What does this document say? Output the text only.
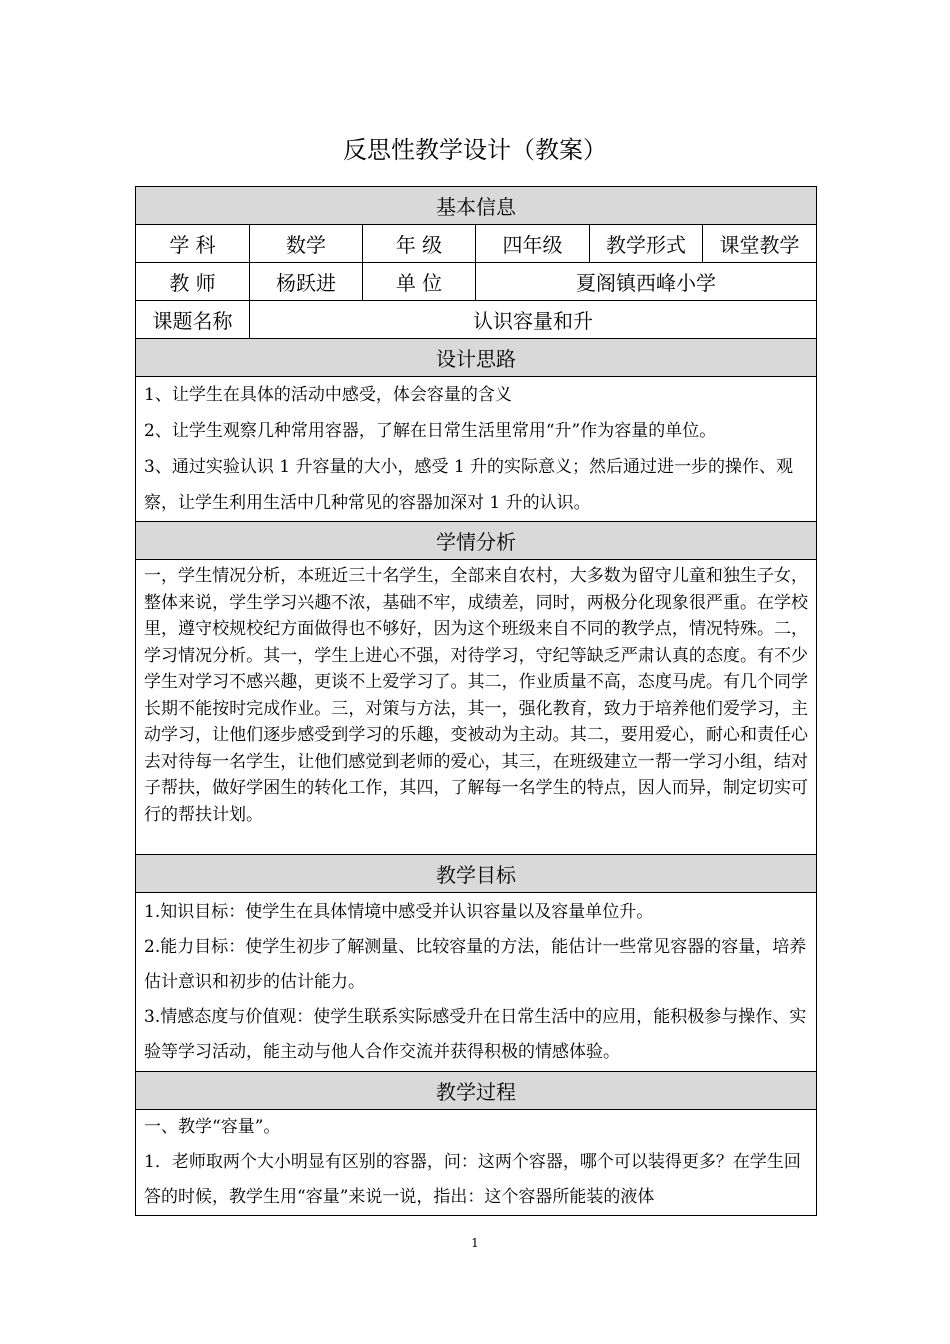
反思性教学设计（教案）
基本信息					
学 科	数学	年 级	四年级	教学形式	课堂教学
教 师	杨跃进	单 位	夏阁镇西峰小学		
课题名称	认识容量和升				
设计思路					

1、让学生在具体的活动中感受，体会容量的含义

2、让学生观察几种常用容器，了解在日常生活里常用“升”作为容量的单位。

3、通过实验认识 1 升容量的大小，感受 1 升的实际意义；然后通过进一步的操作、观察，让学生利用生活中几种常见的容器加深对 1 升的认识。					

学情分析					
一，学生情况分析，本班近三十名学生，全部来自农村，大多数为留守儿童和独生子女，整体来说，学生学习兴趣不浓，基础不牢，成绩差，同时，两极分化现象很严重。在学校里，遵守校规校纪方面做得也不够好，因为这个班级来自不同的教学点，情况特殊。二，学习情况分析。其一，学生上进心不强，对待学习，守纪等缺乏严肃认真的态度。有不少学生对学习不感兴趣，更谈不上爱学习了。其二，作业质量不高，态度马虎。有几个同学长期不能按时完成作业。三，对策与方法，其一，强化教育，致力于培养他们爱学习，主动学习，让他们逐步感受到学习的乐趣，变被动为主动。其二，要用爱心，耐心和责任心去对待每一名学生，让他们感觉到老师的爱心，其三，在班级建立一帮一学习小组，结对子帮扶，做好学困生的转化工作，其四，了解每一名学生的特点，因人而异，制定切实可行的帮扶计划。					
教学目标					

1.知识目标：使学生在具体情境中感受并认识容量以及容量单位升。

2.能力目标：使学生初步了解测量、比较容量的方法，能估计一些常见容器的容量，培养估计意识和初步的估计能力。

3.情感态度与价值观：使学生联系实际感受升在日常生活中的应用，能积极参与操作、实验等学习活动，能主动与他人合作交流并获得积极的情感体验。					

教学过程					

一、教学“容量”。

1．老师取两个大小明显有区别的容器，问：这两个容器，哪个可以装得更多？在学生回答的时候，教学生用“容量”来说一说，指出：这个容器所能装的液体					

1
